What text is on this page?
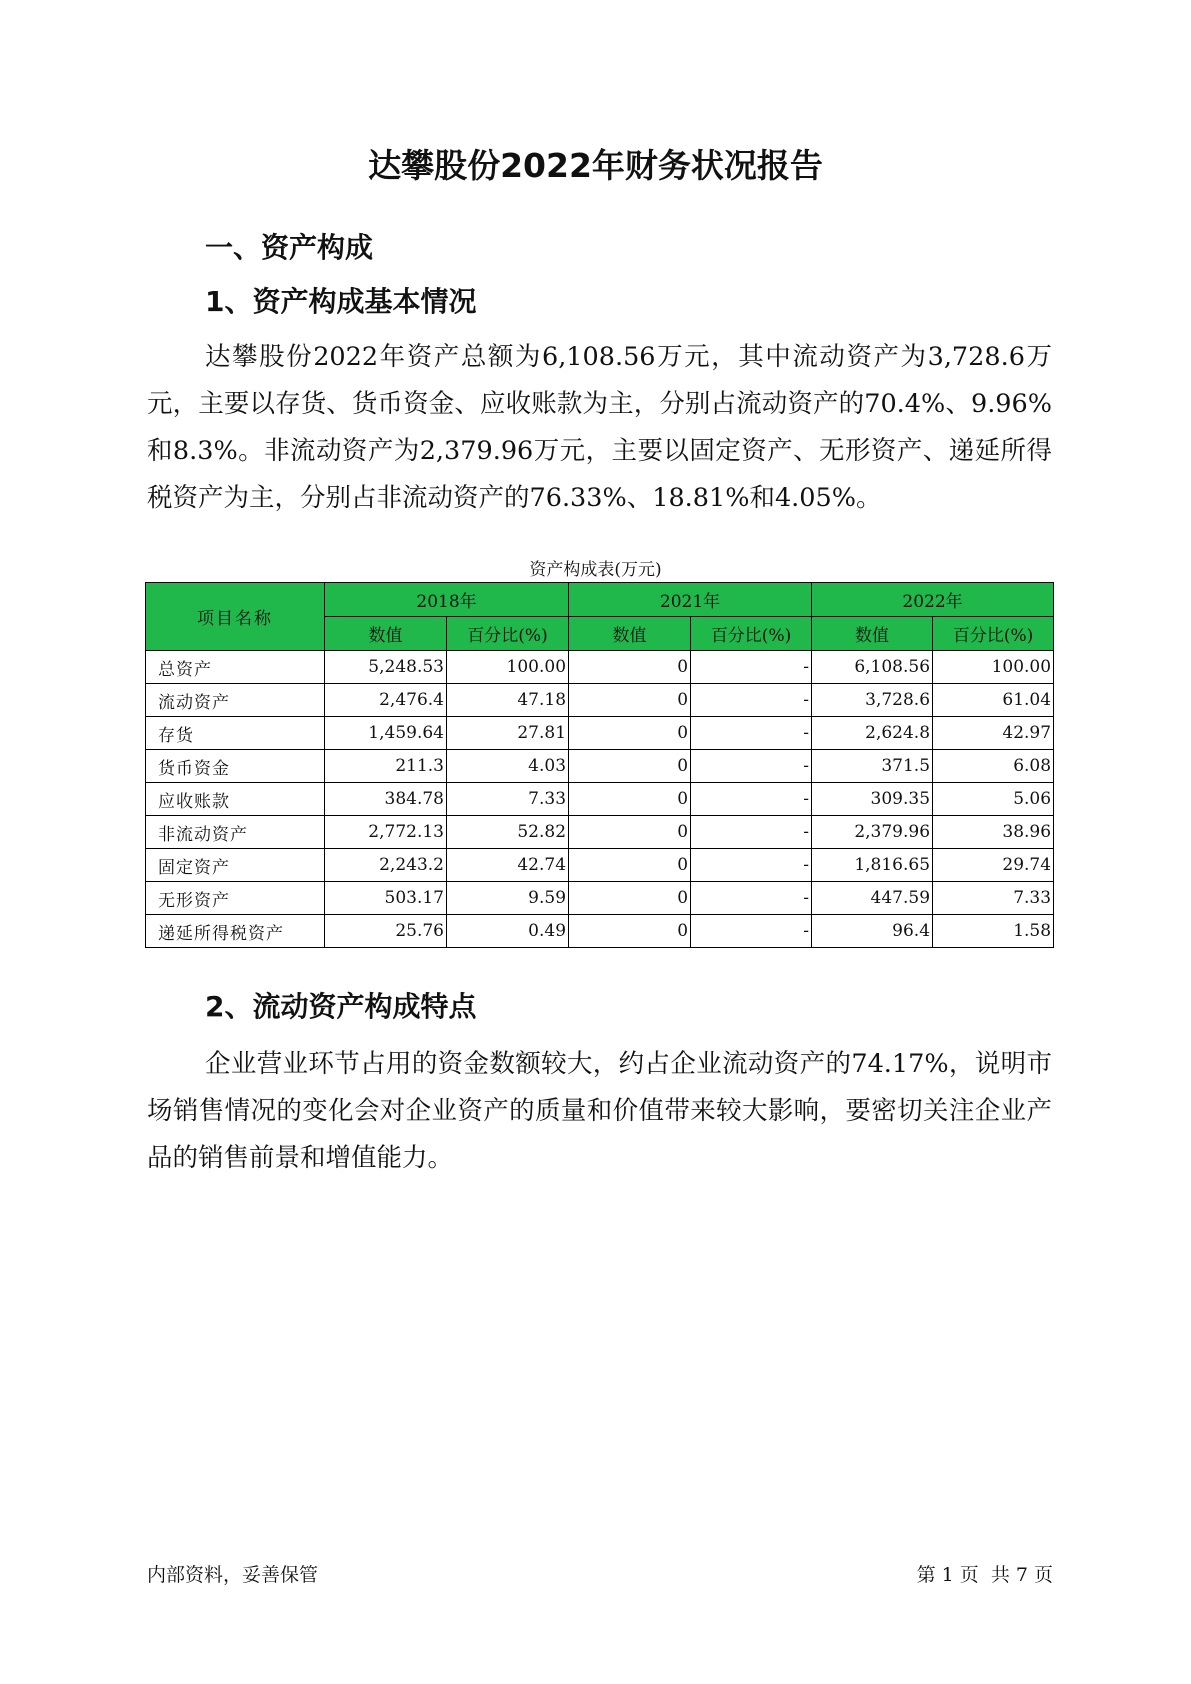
达攀股份2022年财务状况报告
一、资产构成
1、资产构成基本情况
达攀股份2022年资产总额为6,108.56万元，其中流动资产为3,728.6万元，主要以存货、货币资金、应收账款为主，分别占流动资产的70.4%、9.96%和8.3%。非流动资产为2,379.96万元，主要以固定资产、无形资产、递延所得税资产为主，分别占非流动资产的76.33%、18.81%和4.05%。
资产构成表(万元)
项目名称	2018年		2021年		2022年	
	数值	百分比(%)	数值	百分比(%)	数值	百分比(%)
总资产	5,248.53	100.00	0	-	6,108.56	100.00
流动资产	2,476.4	47.18	0	-	3,728.6	61.04
存货	1,459.64	27.81	0	-	2,624.8	42.97
货币资金	211.3	4.03	0	-	371.5	6.08
应收账款	384.78	7.33	0	-	309.35	5.06
非流动资产	2,772.13	52.82	0	-	2,379.96	38.96
固定资产	2,243.2	42.74	0	-	1,816.65	29.74
无形资产	503.17	9.59	0	-	447.59	7.33
递延所得税资产	25.76	0.49	0	-	96.4	1.58
2、流动资产构成特点
企业营业环节占用的资金数额较大，约占企业流动资产的74.17%，说明市场销售情况的变化会对企业资产的质量和价值带来较大影响，要密切关注企业产品的销售前景和增值能力。
内部资料，妥善保管	第 1 页  共 7 页
